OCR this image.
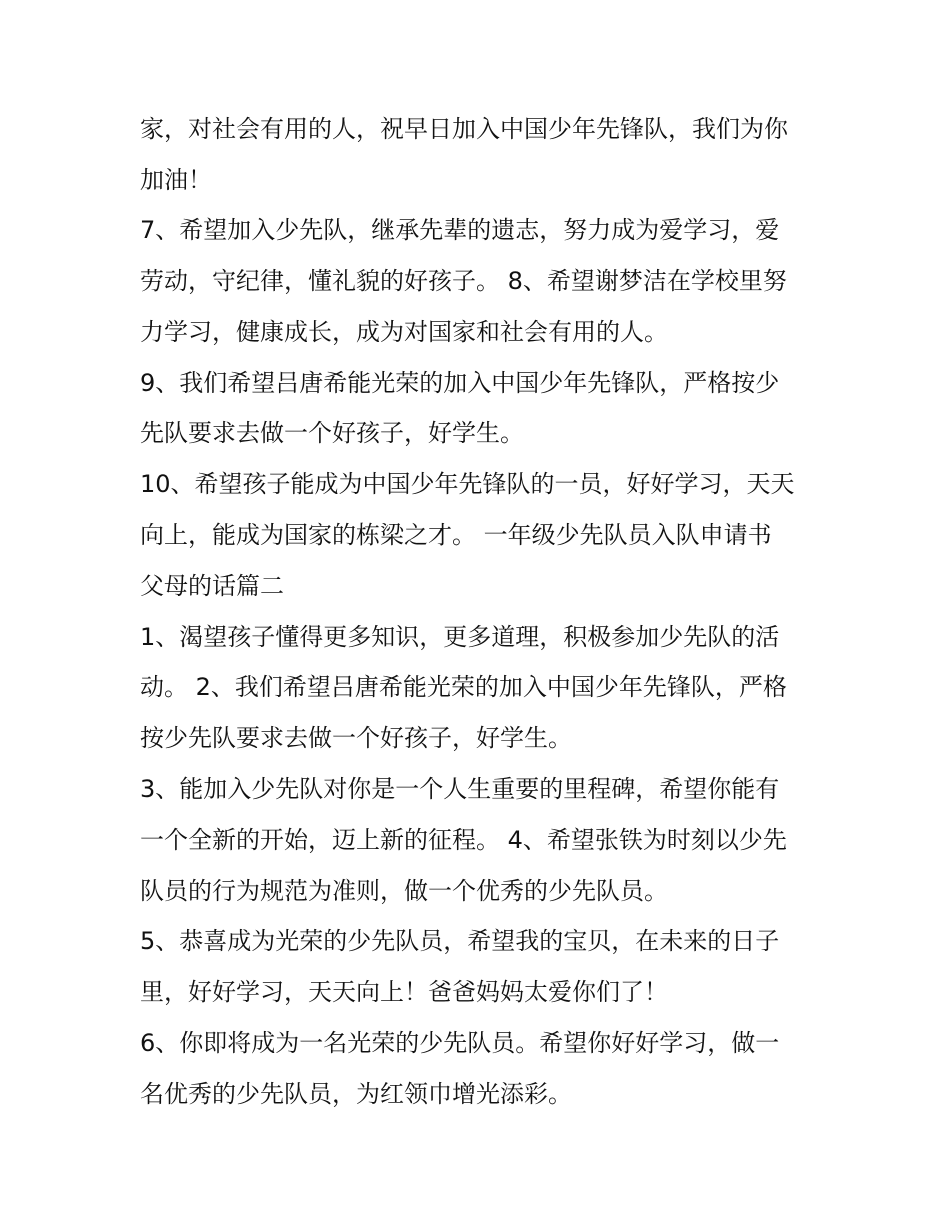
家，对社会有用的人，祝早日加入中国少年先锋队，我们为你
加油！
7、希望加入少先队，继承先辈的遗志，努力成为爱学习，爱
劳动，守纪律，懂礼貌的好孩子。 8、希望谢梦洁在学校里努
力学习，健康成长，成为对国家和社会有用的人。
9、我们希望吕唐希能光荣的加入中国少年先锋队，严格按少
先队要求去做一个好孩子，好学生。
10、希望孩子能成为中国少年先锋队的一员，好好学习，天天
向上，能成为国家的栋梁之才。 一年级少先队员入队申请书
父母的话篇二
1、渴望孩子懂得更多知识，更多道理，积极参加少先队的活
动。 2、我们希望吕唐希能光荣的加入中国少年先锋队，严格
按少先队要求去做一个好孩子，好学生。
3、能加入少先队对你是一个人生重要的里程碑，希望你能有
一个全新的开始，迈上新的征程。 4、希望张铁为时刻以少先
队员的行为规范为准则，做一个优秀的少先队员。
5、恭喜成为光荣的少先队员，希望我的宝贝，在未来的日子
里，好好学习，天天向上！爸爸妈妈太爱你们了！
6、你即将成为一名光荣的少先队员。希望你好好学习，做一
名优秀的少先队员，为红领巾增光添彩。
